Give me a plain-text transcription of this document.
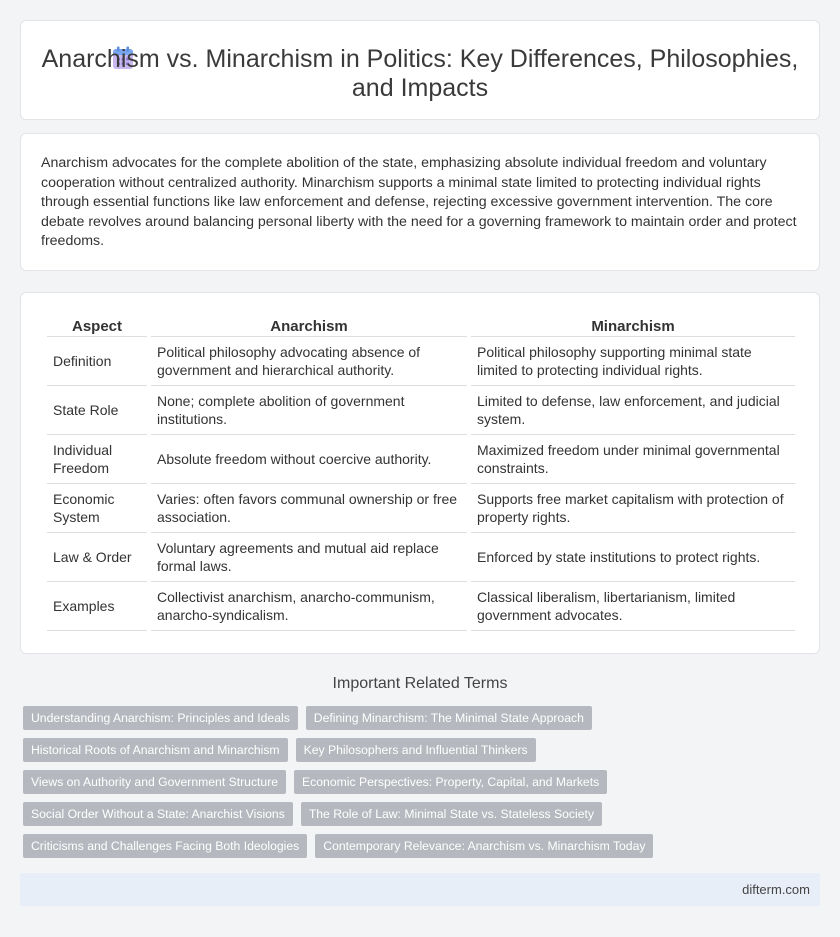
Anarchism vs. Minarchism in Politics: Key Differences, Philosophies, and Impacts

Anarchism advocates for the complete abolition of the state, emphasizing absolute individual freedom and voluntary cooperation without centralized authority. Minarchism supports a minimal state limited to protecting individual rights through essential functions like law enforcement and defense, rejecting excessive government intervention. The core debate revolves around balancing personal liberty with the need for a governing framework to maintain order and protect freedoms.

Aspect	Anarchism	Minarchism
Definition	Political philosophy advocating absence of government and hierarchical authority.	Political philosophy supporting minimal state limited to protecting individual rights.
State Role	None; complete abolition of government institutions.	Limited to defense, law enforcement, and judicial system.
Individual Freedom	Absolute freedom without coercive authority.	Maximized freedom under minimal governmental constraints.
Economic System	Varies: often favors communal ownership or free association.	Supports free market capitalism with protection of property rights.
Law & Order	Voluntary agreements and mutual aid replace formal laws.	Enforced by state institutions to protect rights.
Examples	Collectivist anarchism, anarcho-communism, anarcho-syndicalism.	Classical liberalism, libertarianism, limited government advocates.
Important Related Terms
Understanding Anarchism: Principles and Ideals	Defining Minarchism: The Minimal State Approach
Historical Roots of Anarchism and Minarchism	Key Philosophers and Influential Thinkers
Views on Authority and Government Structure	Economic Perspectives: Property, Capital, and Markets
Social Order Without a State: Anarchist Visions	The Role of Law: Minimal State vs. Stateless Society
Criticisms and Challenges Facing Both Ideologies	Contemporary Relevance: Anarchism vs. Minarchism Today
difterm.com
